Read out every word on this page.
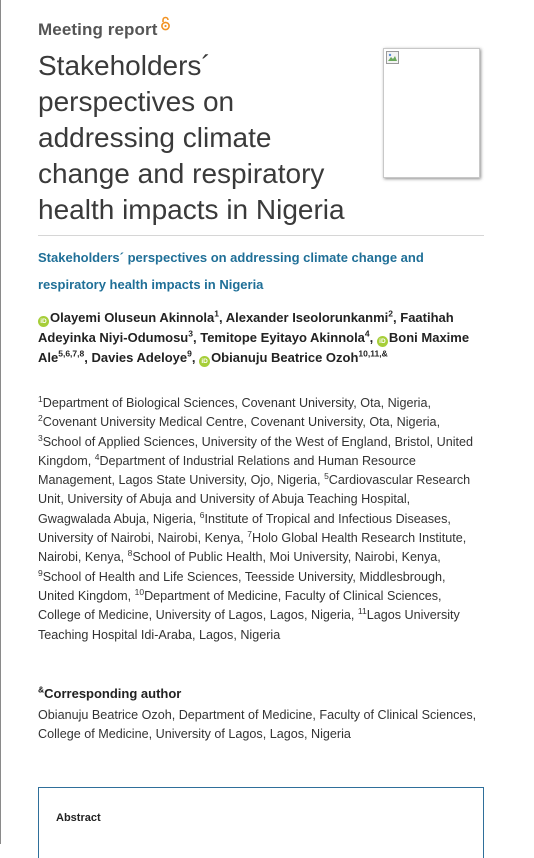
Meeting report
Stakeholders´
perspectives on
addressing climate
change and respiratory
health impacts in Nigeria
Stakeholders´ perspectives on addressing climate change and respiratory health impacts in Nigeria
iD Olayemi Oluseun Akinnola$^1$, Alexander Iseolorunkanmi$^2$, Faatihah Adeyinka Niyi-Odumosu$^3$, Temitope Eyitayo Akinnola$^4$, iD Boni Maxime Ale$^{5,6,7,8}$, Davies Adeloye$^9$, iD Obianuju Beatrice Ozoh$^{10,11,\&}$
$^1$Department of Biological Sciences, Covenant University, Ota, Nigeria, $^2$Covenant University Medical Centre, Covenant University, Ota, Nigeria, $^3$School of Applied Sciences, University of the West of England, Bristol, United Kingdom, $^4$Department of Industrial Relations and Human Resource Management, Lagos State University, Ojo, Nigeria, $^5$Cardiovascular Research Unit, University of Abuja and University of Abuja Teaching Hospital, Gwagwalada Abuja, Nigeria, $^6$Institute of Tropical and Infectious Diseases, University of Nairobi, Nairobi, Kenya, $^7$Holo Global Health Research Institute, Nairobi, Kenya, $^8$School of Public Health, Moi University, Nairobi, Kenya, $^9$School of Health and Life Sciences, Teesside University, Middlesbrough, United Kingdom, $^{10}$Department of Medicine, Faculty of Clinical Sciences, College of Medicine, University of Lagos, Lagos, Nigeria, $^{11}$Lagos University Teaching Hospital Idi-Araba, Lagos, Nigeria
&Corresponding author
Obianuju Beatrice Ozoh, Department of Medicine, Faculty of Clinical Sciences, College of Medicine, University of Lagos, Lagos, Nigeria
Abstract
